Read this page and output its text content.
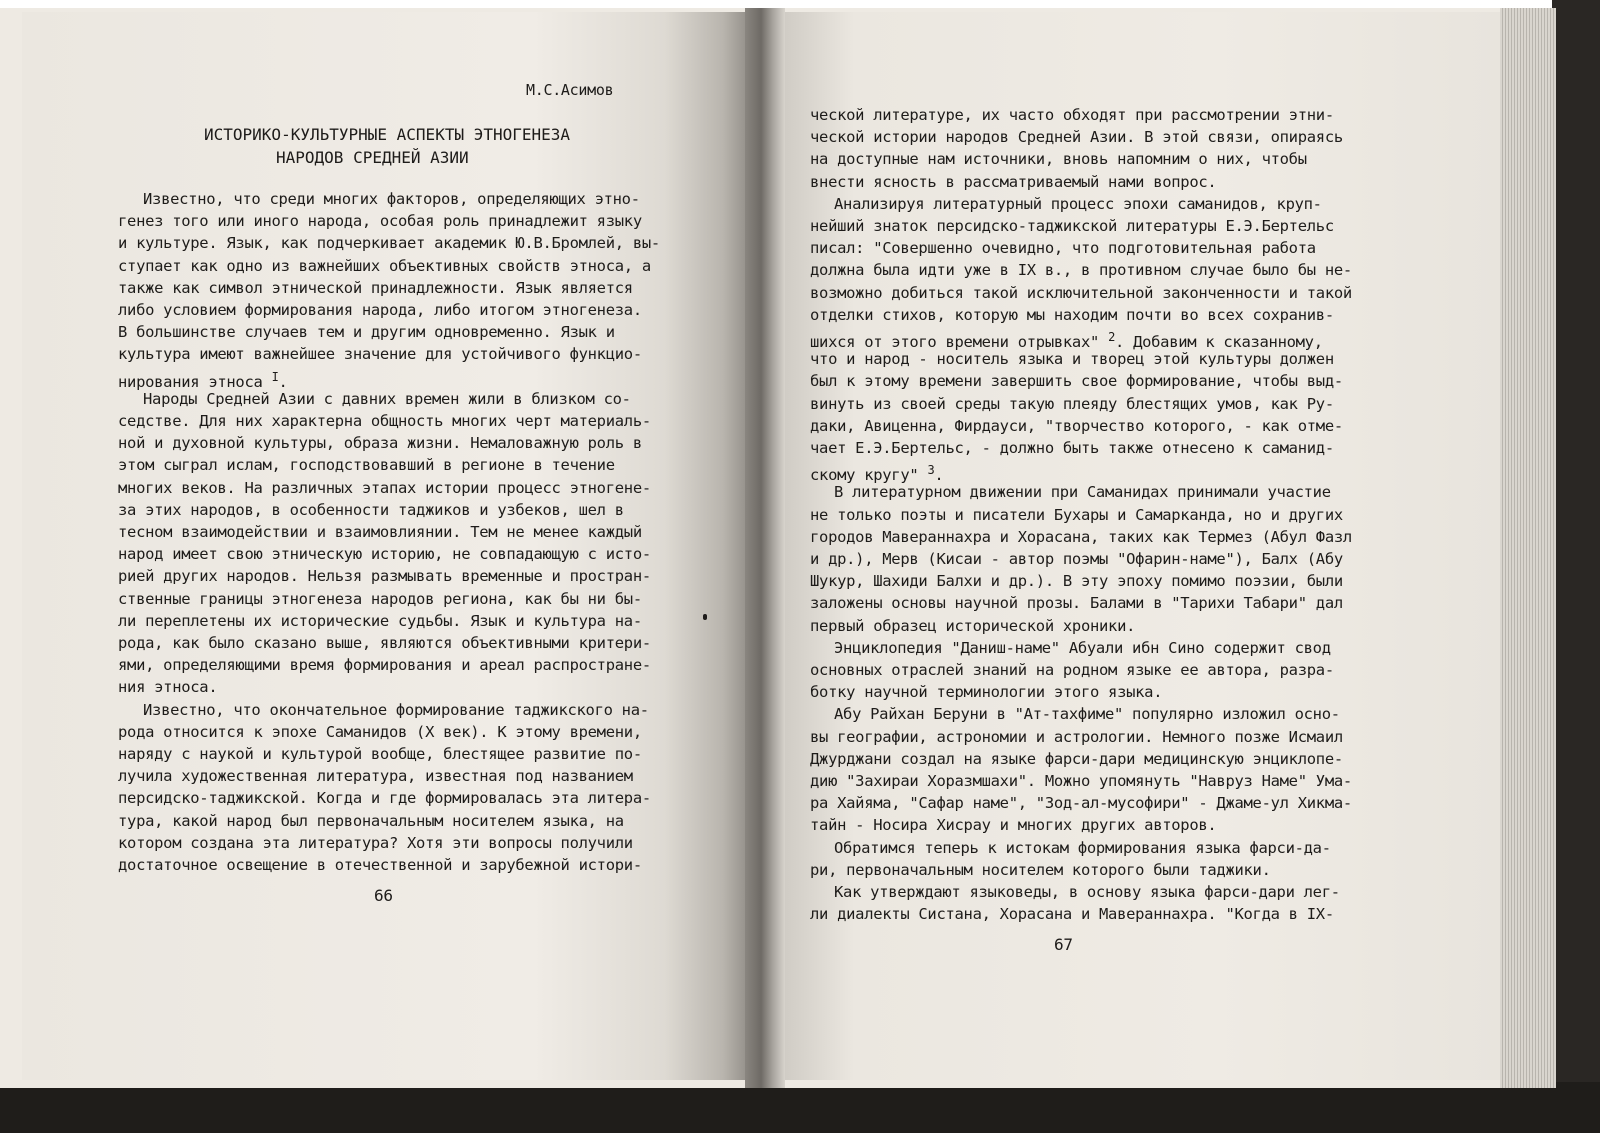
М.С.Асимов
ИСТОРИКО-КУЛЬТУРНЫЕ АСПЕКТЫ ЭТНОГЕНЕЗА
НАРОДОВ СРЕДНЕЙ АЗИИ
Известно, что среди многих факторов, определяющих этно-
генез того или иного народа, особая роль принадлежит языку
и культуре. Язык, как подчеркивает академик Ю.В.Бромлей, вы-
ступает как одно из важнейших объективных свойств этноса, а
также как символ этнической принадлежности. Язык является
либо условием формирования народа, либо итогом этногенеза.
В большинстве случаев тем и другим одновременно. Язык и
культура имеют важнейшее значение для устойчивого функцио-
нирования этноса $^I$.
Народы Средней Азии с давних времен жили в близком со-
седстве. Для них характерна общность многих черт материаль-
ной и духовной культуры, образа жизни. Немаловажную роль в
этом сыграл ислам, господствовавший в регионе в течение
многих веков. На различных этапах истории процесс этногене-
за этих народов, в особенности таджиков и узбеков, шел в
тесном взаимодействии и взаимовлиянии. Тем не менее каждый
народ имеет свою этническую историю, не совпадающую с исто-
рией других народов. Нельзя размывать временные и простран-
ственные границы этногенеза народов региона, как бы ни бы-
ли переплетены их исторические судьбы. Язык и культура на-
рода, как было сказано выше, являются объективными критери-
ями, определяющими время формирования и ареал распростране-
ния этноса.
Известно, что окончательное формирование таджикского на-
рода относится к эпохе Саманидов (X век). К этому времени,
наряду с наукой и культурой вообще, блестящее развитие по-
лучила художественная литература, известная под названием
персидско-таджикской. Когда и где формировалась эта литера-
тура, какой народ был первоначальным носителем языка, на
котором создана эта литература? Хотя эти вопросы получили
достаточное освещение в отечественной и зарубежной истори-
ческой литературе, их часто обходят при рассмотрении этни-
ческой истории народов Средней Азии. В этой связи, опираясь
на доступные нам источники, вновь напомним о них, чтобы
внести ясность в рассматриваемый нами вопрос.
Анализируя литературный процесс эпохи саманидов, круп-
нейший знаток персидско-таджикской литературы Е.Э.Бертельс
писал: "Совершенно очевидно, что подготовительная работа
должна была идти уже в IX в., в противном случае было бы не-
возможно добиться такой исключительной законченности и такой
отделки стихов, которую мы находим почти во всех сохранив-
шихся от этого времени отрывках" $^2$. Добавим к сказанному,
что и народ - носитель языка и творец этой культуры должен
был к этому времени завершить свое формирование, чтобы выд-
винуть из своей среды такую плеяду блестящих умов, как Ру-
даки, Авиценна, Фирдауси, "творчество которого, - как отме-
чает Е.Э.Бертельс, - должно быть также отнесено к саманид-
скому кругу" $^3$.
В литературном движении при Саманидах принимали участие
не только поэты и писатели Бухары и Самарканда, но и других
городов Мавераннахра и Хорасана, таких как Термез (Абул Фазл
и др.), Мерв (Кисаи - автор поэмы "Офарин-наме"), Балх (Абу
Шукур, Шахиди Балхи и др.). В эту эпоху помимо поэзии, были
заложены основы научной прозы. Балами в "Тарихи Табари" дал
первый образец исторической хроники.
Энциклопедия "Даниш-наме" Абуали ибн Сино содержит свод
основных отраслей знаний на родном языке ее автора, разра-
ботку научной терминологии этого языка.
Абу Райхан Беруни в "Ат-тахфиме" популярно изложил осно-
вы географии, астрономии и астрологии. Немного позже Исмаил
Джурджани создал на языке фарси-дари медицинскую энциклопе-
дию "Захираи Хоразмшахи". Можно упомянуть "Навруз Наме" Ума-
ра Хайяма, "Сафар наме", "Зод-ал-мусофири" - Джаме-ул Хикма-
тайн - Носира Хисрау и многих других авторов.
Обратимся теперь к истокам формирования языка фарси-да-
ри, первоначальным носителем которого были таджики.
Как утверждают языковеды, в основу языка фарси-дари лег-
ли диалекты Систана, Хорасана и Мавераннахра. "Когда в IX-
66
67
